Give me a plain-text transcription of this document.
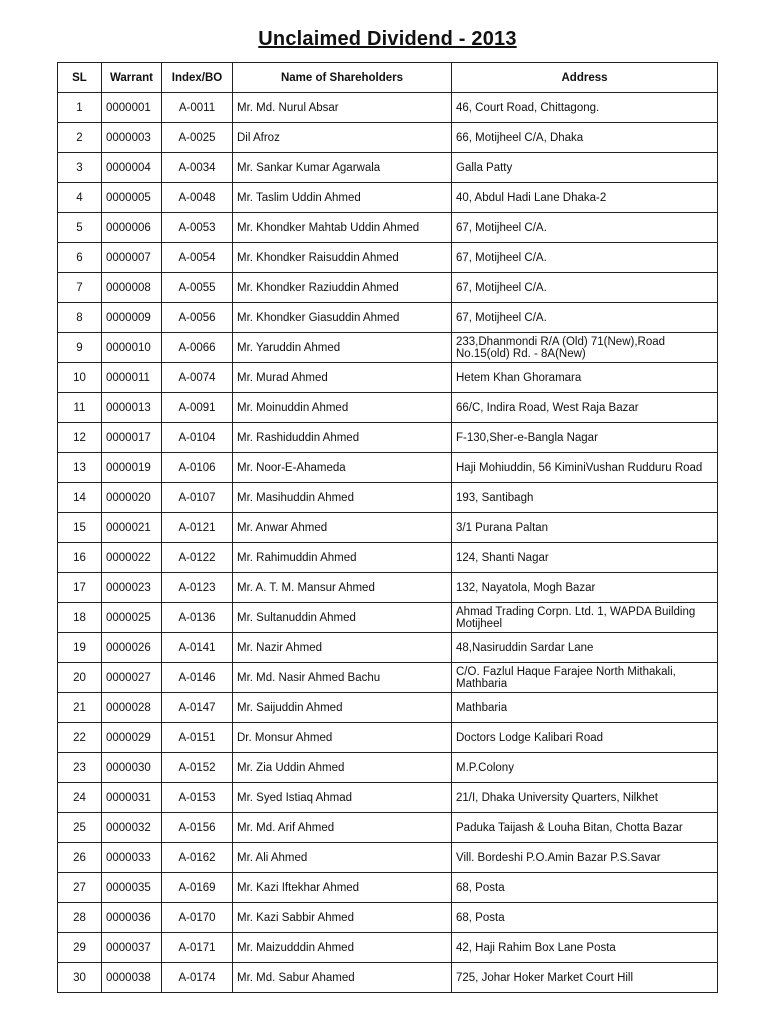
Unclaimed Dividend - 2013
SL	Warrant	Index/BO	Name of Shareholders	Address
1	0000001	A-0011	Mr. Md. Nurul Absar	46, Court Road, Chittagong.
2	0000003	A-0025	Dil Afroz	66, Motijheel C/A, Dhaka
3	0000004	A-0034	Mr. Sankar Kumar Agarwala	Galla Patty
4	0000005	A-0048	Mr. Taslim Uddin Ahmed	40, Abdul Hadi Lane Dhaka-2
5	0000006	A-0053	Mr. Khondker Mahtab Uddin Ahmed	67, Motijheel C/A.
6	0000007	A-0054	Mr. Khondker Raisuddin Ahmed	67, Motijheel C/A.
7	0000008	A-0055	Mr. Khondker Raziuddin Ahmed	67, Motijheel C/A.
8	0000009	A-0056	Mr. Khondker Giasuddin Ahmed	67, Motijheel C/A.
9	0000010	A-0066	Mr. Yaruddin Ahmed	233,Dhanmondi R/A (Old) 71(New),Road No.15(old) Rd. - 8A(New)
10	0000011	A-0074	Mr. Murad Ahmed	Hetem Khan Ghoramara
11	0000013	A-0091	Mr. Moinuddin Ahmed	66/C, Indira Road, West Raja Bazar
12	0000017	A-0104	Mr. Rashiduddin Ahmed	F-130,Sher-e-Bangla Nagar
13	0000019	A-0106	Mr. Noor-E-Ahameda	Haji Mohiuddin, 56 KiminiVushan Rudduru Road
14	0000020	A-0107	Mr. Masihuddin Ahmed	193, Santibagh
15	0000021	A-0121	Mr. Anwar Ahmed	3/1 Purana Paltan
16	0000022	A-0122	Mr. Rahimuddin Ahmed	124, Shanti Nagar
17	0000023	A-0123	Mr. A. T. M. Mansur Ahmed	132, Nayatola, Mogh Bazar
18	0000025	A-0136	Mr. Sultanuddin Ahmed	Ahmad Trading Corpn. Ltd. 1, WAPDA Building Motijheel
19	0000026	A-0141	Mr. Nazir Ahmed	48,Nasiruddin Sardar Lane
20	0000027	A-0146	Mr. Md. Nasir Ahmed Bachu	C/O. Fazlul Haque Farajee North Mithakali, Mathbaria
21	0000028	A-0147	Mr. Saijuddin Ahmed	Mathbaria
22	0000029	A-0151	Dr. Monsur Ahmed	Doctors Lodge Kalibari Road
23	0000030	A-0152	Mr. Zia Uddin Ahmed	M.P.Colony
24	0000031	A-0153	Mr. Syed Istiaq Ahmad	21/I, Dhaka University Quarters, Nilkhet
25	0000032	A-0156	Mr. Md. Arif Ahmed	Paduka Taijash & Louha Bitan, Chotta Bazar
26	0000033	A-0162	Mr. Ali Ahmed	Vill. Bordeshi P.O.Amin Bazar P.S.Savar
27	0000035	A-0169	Mr. Kazi Iftekhar Ahmed	68, Posta
28	0000036	A-0170	Mr. Kazi Sabbir Ahmed	68, Posta
29	0000037	A-0171	Mr. Maizudddin Ahmed	42, Haji Rahim Box Lane Posta
30	0000038	A-0174	Mr. Md. Sabur Ahamed	725, Johar Hoker Market Court Hill
